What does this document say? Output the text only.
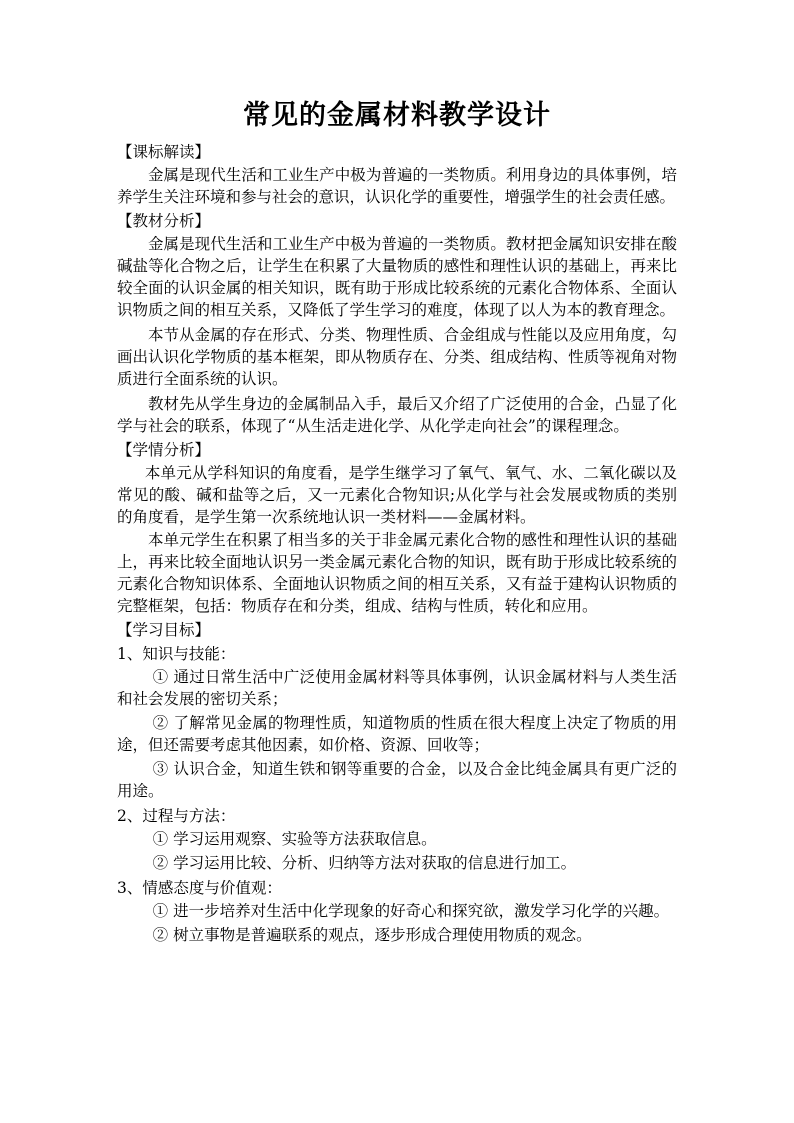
常见的金属材料教学设计

【课标解读】

金属是现代生活和工业生产中极为普遍的一类物质。利用身边的具体事例，培养学生关注环境和参与社会的意识，认识化学的重要性，增强学生的社会责任感。

【教材分析】

金属是现代生活和工业生产中极为普遍的一类物质。教材把金属知识安排在酸碱盐等化合物之后，让学生在积累了大量物质的感性和理性认识的基础上，再来比较全面的认识金属的相关知识，既有助于形成比较系统的元素化合物体系、全面认识物质之间的相互关系，又降低了学生学习的难度，体现了以人为本的教育理念。

本节从金属的存在形式、分类、物理性质、合金组成与性能以及应用角度，勾画出认识化学物质的基本框架，即从物质存在、分类、组成结构、性质等视角对物质进行全面系统的认识。

教材先从学生身边的金属制品入手，最后又介绍了广泛使用的合金，凸显了化学与社会的联系，体现了“从生活走进化学、从化学走向社会”的课程理念。

【学情分析】

本单元从学科知识的角度看，是学生继学习了氧气、氧气、水、二氧化碳以及常见的酸、碱和盐等之后，又一元素化合物知识;从化学与社会发展或物质的类别的角度看，是学生第一次系统地认识一类材料——金属材料。

本单元学生在积累了相当多的关于非金属元素化合物的感性和理性认识的基础上，再来比较全面地认识另一类金属元素化合物的知识，既有助于形成比较系统的元素化合物知识体系、全面地认识物质之间的相互关系，又有益于建构认识物质的完整框架，包括：物质存在和分类，组成、结构与性质，转化和应用。

【学习目标】

1、知识与技能：

① 通过日常生活中广泛使用金属材料等具体事例，认识金属材料与人类生活和社会发展的密切关系；

② 了解常见金属的物理性质，知道物质的性质在很大程度上决定了物质的用途，但还需要考虑其他因素，如价格、资源、回收等；

③ 认识合金，知道生铁和钢等重要的合金，以及合金比纯金属具有更广泛的用途。

2、过程与方法：

① 学习运用观察、实验等方法获取信息。

② 学习运用比较、分析、归纳等方法对获取的信息进行加工。

3、情感态度与价值观：

① 进一步培养对生活中化学现象的好奇心和探究欲，激发学习化学的兴趣。

② 树立事物是普遍联系的观点，逐步形成合理使用物质的观念。
